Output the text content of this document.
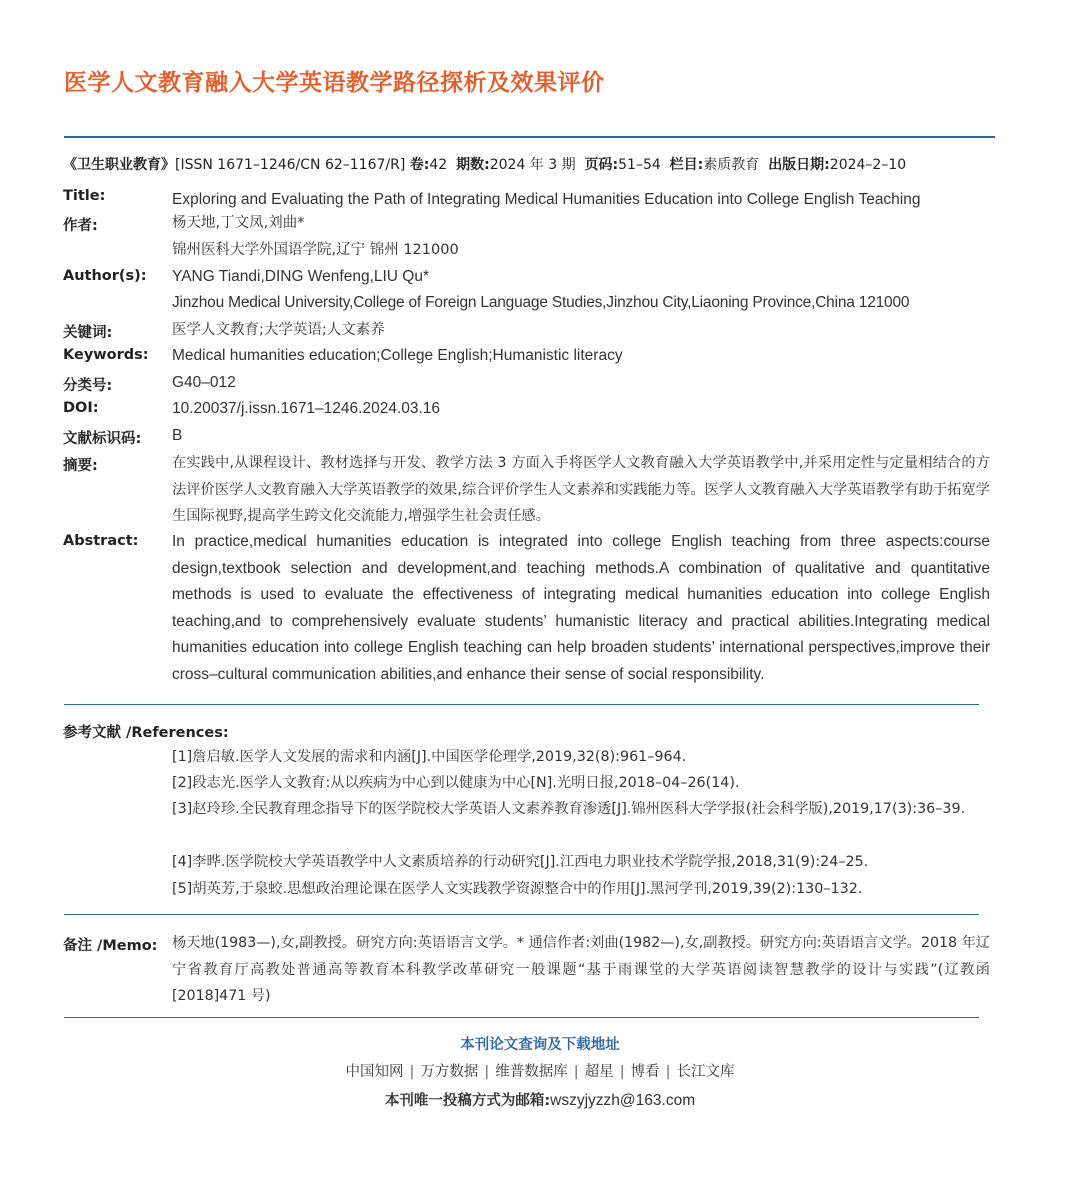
医学人文教育融入大学英语教学路径探析及效果评价
《卫生职业教育》[ISSN 1671–1246/CN 62–1167/R] 卷:42 期数:2024 年 3 期 页码:51–54 栏目:素质教育 出版日期:2024–2–10
Title:	Exploring and Evaluating the Path of Integrating Medical Humanities Education into College English Teaching
作者:	杨天地,丁文凤,刘曲*
锦州医科大学外国语学院,辽宁 锦州 121000
Author(s): YANG Tiandi,DING Wenfeng,LIU Qu*
Jinzhou Medical University,College of Foreign Language Studies,Jinzhou City,Liaoning Province,China 121000
关键词:	医学人文教育;大学英语;人文素养
Keywords: Medical humanities education;College English;Humanistic literacy
分类号:	G40–012
DOI:	10.20037/j.issn.1671–1246.2024.03.16
文献标识码: B
摘要:	在实践中,从课程设计、教材选择与开发、教学方法 3 方面入手将医学人文教育融入大学英语教学中,并采用定性与定量相结合的方法评价医学人文教育融入大学英语教学的效果,综合评价学生人文素养和实践能力等。医学人文教育融入大学英语教学有助于拓宽学生国际视野,提高学生跨文化交流能力,增强学生社会责任感。
Abstract: In practice,medical humanities education is integrated into college English teaching from three aspects:course design,textbook selection and development,and teaching methods.A combination of qualitative and quantitative methods is used to evaluate the effectiveness of integrating medical humanities education into college English teaching,and to comprehensively evaluate students’ humanistic literacy and practical abilities.Integrating medical humanities education into college English teaching can help broaden students’ international perspectives,improve their cross–cultural communication abilities,and enhance their sense of social responsibility.
参考文献 /References:
[1]詹启敏.医学人文发展的需求和内涵[J].中国医学伦理学,2019,32(8):961–964.
[2]段志光.医学人文教育:从以疾病为中心到以健康为中心[N].光明日报,2018–04–26(14).
[3]赵玲珍.全民教育理念指导下的医学院校大学英语人文素养教育渗透[J].锦州医科大学学报(社会科学版),2019,17(3):36–39.
[4]李晔.医学院校大学英语教学中人文素质培养的行动研究[J].江西电力职业技术学院学报,2018,31(9):24–25.
[5]胡英芳,于泉蛟.思想政治理论课在医学人文实践教学资源整合中的作用[J].黑河学刊,2019,39(2):130–132.
备注 /Memo: 杨天地(1983—),女,副教授。研究方向:英语语言文学。* 通信作者:刘曲(1982—),女,副教授。研究方向:英语语言文学。2018 年辽宁省教育厅高教处普通高等教育本科教学改革研究一般课题“基于雨课堂的大学英语阅读智慧教学的设计与实践”(辽教函[2018]471 号)
本刊论文查询及下载地址
中国知网 | 万方数据 | 维普数据库 | 超星 | 博看 | 长江文库
本刊唯一投稿方式为邮箱:wszyjyzzh@163.com
